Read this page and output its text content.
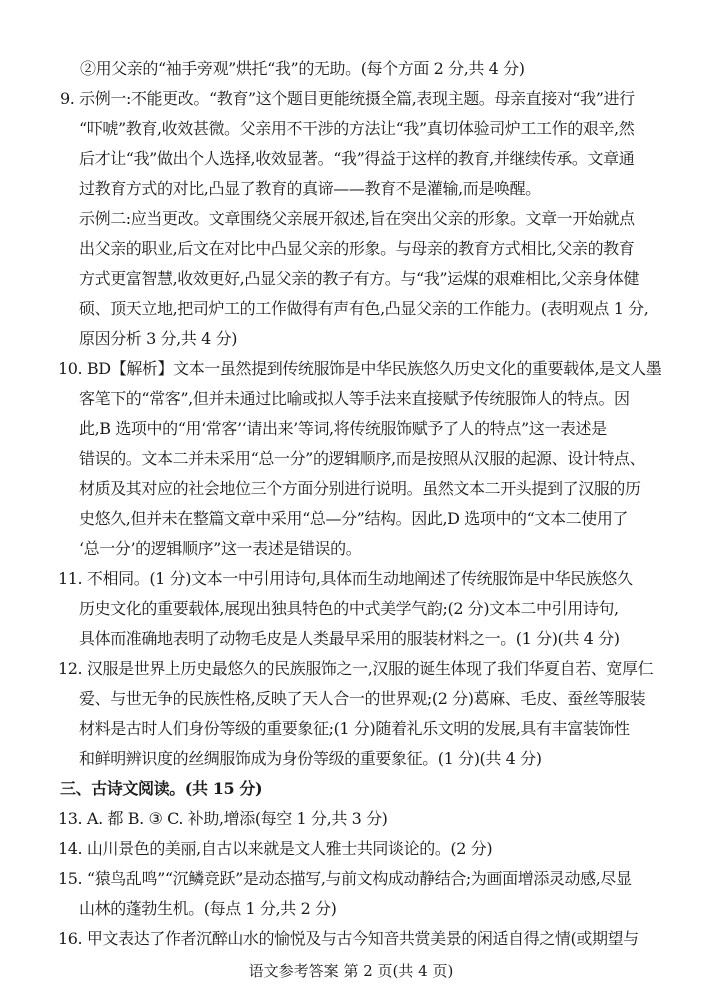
②用父亲的“袖手旁观”烘托“我”的无助。(每个方面 2 分,共 4 分)
9. 示例一:不能更改。“教育”这个题目更能统摄全篇,表现主题。母亲直接对“我”进行
“吓唬”教育,收效甚微。父亲用不干涉的方法让“我”真切体验司炉工工作的艰辛,然
后才让“我”做出个人选择,收效显著。“我”得益于这样的教育,并继续传承。文章通
过教育方式的对比,凸显了教育的真谛——教育不是灌输,而是唤醒。
示例二:应当更改。文章围绕父亲展开叙述,旨在突出父亲的形象。文章一开始就点
出父亲的职业,后文在对比中凸显父亲的形象。与母亲的教育方式相比,父亲的教育
方式更富智慧,收效更好,凸显父亲的教子有方。与“我”运煤的艰难相比,父亲身体健
硕、顶天立地,把司炉工的工作做得有声有色,凸显父亲的工作能力。(表明观点 1 分,
原因分析 3 分,共 4 分)
10. BD【解析】文本一虽然提到传统服饰是中华民族悠久历史文化的重要载体,是文人墨
客笔下的“常客”,但并未通过比喻或拟人等手法来直接赋予传统服饰人的特点。因
此,B 选项中的“用‘常客’‘请出来’等词,将传统服饰赋予了人的特点”这一表述是
错误的。文本二并未采用“总一分”的逻辑顺序,而是按照从汉服的起源、设计特点、
材质及其对应的社会地位三个方面分别进行说明。虽然文本二开头提到了汉服的历
史悠久,但并未在整篇文章中采用“总—分”结构。因此,D 选项中的“文本二使用了
‘总一分’的逻辑顺序”这一表述是错误的。
11. 不相同。(1 分)文本一中引用诗句,具体而生动地阐述了传统服饰是中华民族悠久
历史文化的重要载体,展现出独具特色的中式美学气韵;(2 分)文本二中引用诗句,
具体而准确地表明了动物毛皮是人类最早采用的服装材料之一。(1 分)(共 4 分)
12. 汉服是世界上历史最悠久的民族服饰之一,汉服的诞生体现了我们华夏自若、宽厚仁
爱、与世无争的民族性格,反映了天人合一的世界观;(2 分)葛麻、毛皮、蚕丝等服装
材料是古时人们身份等级的重要象征;(1 分)随着礼乐文明的发展,具有丰富装饰性
和鲜明辨识度的丝绸服饰成为身份等级的重要象征。(1 分)(共 4 分)
三、古诗文阅读。(共 15 分)
13. A. 都 B. ③ C. 补助,增添(每空 1 分,共 3 分)
14. 山川景色的美丽,自古以来就是文人雅士共同谈论的。(2 分)
15. “猿鸟乱鸣”“沉鳞竞跃”是动态描写,与前文构成动静结合;为画面增添灵动感,尽显
山林的蓬勃生机。(每点 1 分,共 2 分)
16. 甲文表达了作者沉醉山水的愉悦及与古今知音共赏美景的闲适自得之情(或期望与
语文参考答案 第 2 页(共 4 页)
